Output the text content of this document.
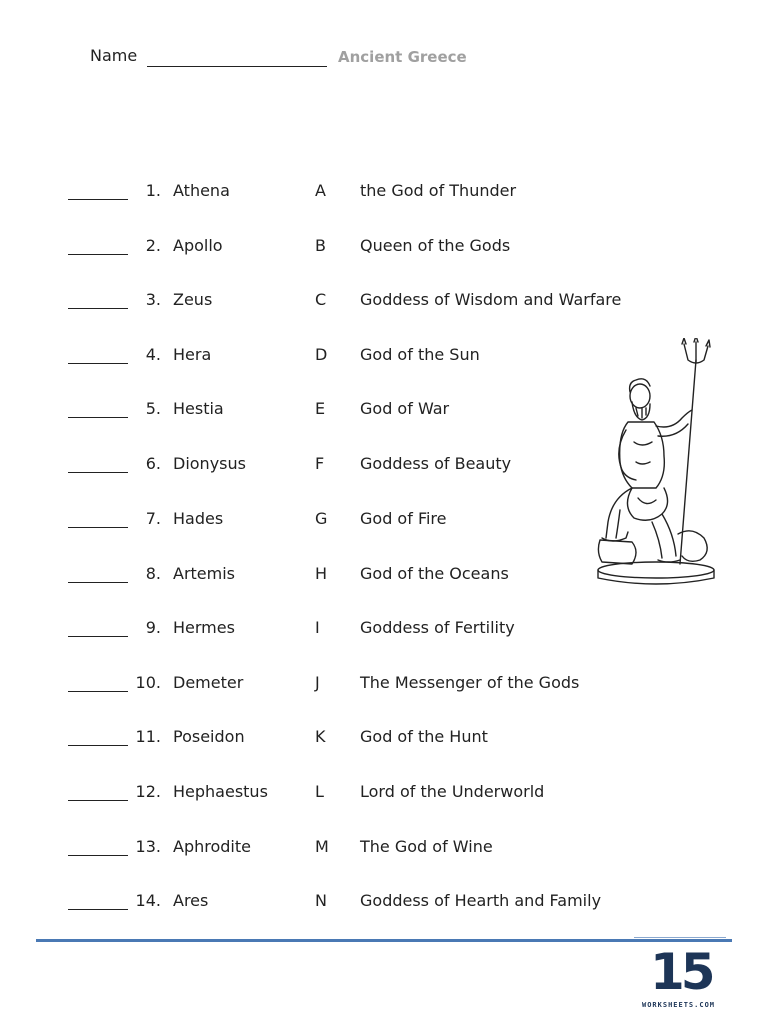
Name	Ancient Greece
1. Athena	A the God of Thunder
2. Apollo	B Queen of the Gods
3. Zeus	C Goddess of Wisdom and Warfare
4. Hera	D God of the Sun
5. Hestia	E God of War
6. Dionysus	F Goddess of Beauty
7. Hades	G God of Fire
8. Artemis	H God of the Oceans
9. Hermes	I	Goddess of Fertility
10. Demeter	J	The Messenger of the Gods
11. Poseidon	K God of the Hunt
12. Hephaestus	L Lord of the Underworld
13. Aphrodite	M The God of Wine
14. Ares	N Goddess of Hearth and Family
15
WORKSHEETS.COM
